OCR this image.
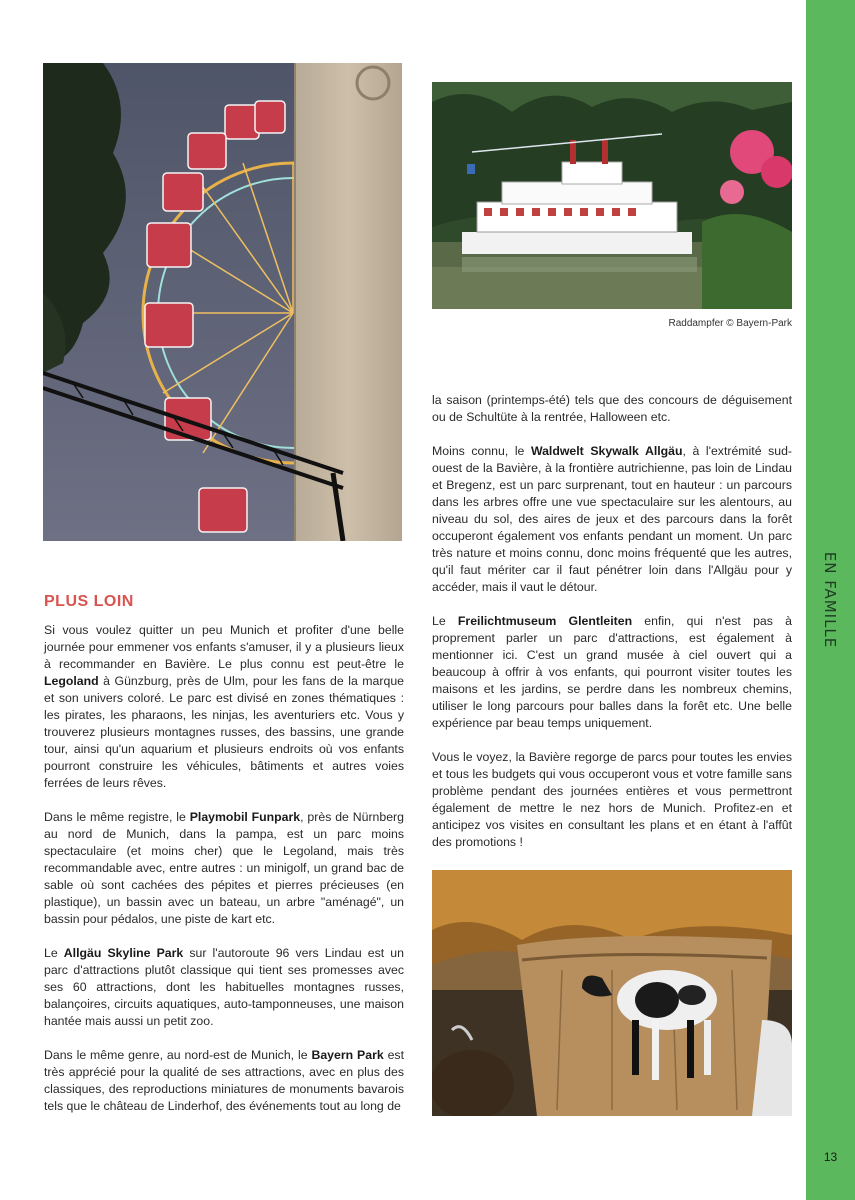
EN FAMILLE
13
Raddampfer © Bayern-Park
PLUS LOIN

Si vous voulez quitter un peu Munich et profiter d'une belle journée pour emmener vos enfants s'amuser, il y a plusieurs lieux à recommander en Bavière. Le plus connu est peut-être le Legoland à Günzburg, près de Ulm, pour les fans de la marque et son univers coloré. Le parc est divisé en zones thématiques : les pirates, les pharaons, les ninjas, les aventuriers etc. Vous y trouverez plusieurs montagnes russes, des bassins, une grande tour, ainsi qu'un aquarium et plusieurs endroits où vos enfants pourront construire les véhicules, bâtiments et autres voies ferrées de leurs rêves.

Dans le même registre, le Playmobil Funpark, près de Nürnberg au nord de Munich, dans la pampa, est un parc moins spectaculaire (et moins cher) que le Legoland, mais très recommandable avec, entre autres : un minigolf, un grand bac de sable où sont cachées des pépites et pierres précieuses (en plastique), un bassin avec un bateau, un arbre "aménagé", un bassin pour pédalos, une piste de kart etc.

Le Allgäu Skyline Park sur l'autoroute 96 vers Lindau est un parc d'attractions plutôt classique qui tient ses promesses avec ses 60 attractions, dont les habituelles montagnes russes, balançoires, circuits aquatiques, auto-tamponneuses, une maison hantée mais aussi un petit zoo.

Dans le même genre, au nord-est de Munich, le Bayern Park est très apprécié pour la qualité de ses attractions, avec en plus des classiques, des reproductions miniatures de monuments bavarois tels que le château de Linderhof, des événements tout au long de

la saison (printemps-été) tels que des concours de déguisement ou de Schultüte à la rentrée, Halloween etc.

Moins connu, le Waldwelt Skywalk Allgäu, à l'extrémité sud-ouest de la Bavière, à la frontière autrichienne, pas loin de Lindau et Bregenz, est un parc surprenant, tout en hauteur : un parcours dans les arbres offre une vue spectaculaire sur les alentours, au niveau du sol, des aires de jeux et des parcours dans la forêt occuperont également vos enfants pendant un moment. Un parc très nature et moins connu, donc moins fréquenté que les autres, qu'il faut mériter car il faut pénétrer loin dans l'Allgäu pour y accéder, mais il vaut le détour.

Le Freilichtmuseum Glentleiten enfin, qui n'est pas à proprement parler un parc d'attractions, est également à mentionner ici. C'est un grand musée à ciel ouvert qui a beaucoup à offrir à vos enfants, qui pourront visiter toutes les maisons et les jardins, se perdre dans les nombreux chemins, utiliser le long parcours pour balles dans la forêt etc. Une belle expérience par beau temps uniquement.

Vous le voyez, la Bavière regorge de parcs pour toutes les envies et tous les budgets qui vous occuperont vous et votre famille sans problème pendant des journées entières et vous permettront également de mettre le nez hors de Munich. Profitez-en et anticipez vos visites en consultant les plans et en étant à l'affût des promotions !
